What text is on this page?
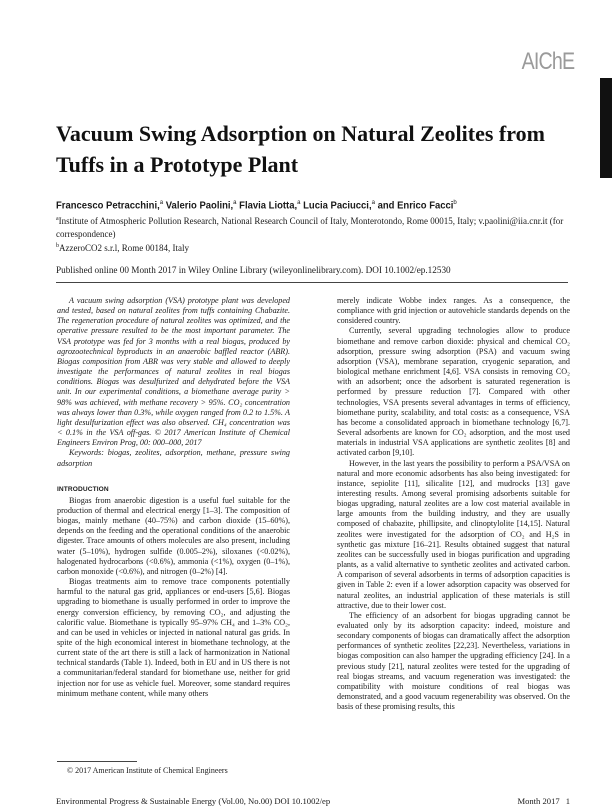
AIChE
Vacuum Swing Adsorption on Natural Zeolites from Tuffs in a Prototype Plant
Francesco Petracchini,$^a$ Valerio Paolini,$^a$ Flavia Liotta,$^a$ Lucia Paciucci,$^a$ and Enrico Facci$^b$
$^a$Institute of Atmospheric Pollution Research, National Research Council of Italy, Monterotondo, Rome 00015, Italy; v.paolini@iia.cnr.it (for correspondence)
$^b$AzzeroCO2 s.r.l, Rome 00184, Italy
Published online 00 Month 2017 in Wiley Online Library (wileyonlinelibrary.com). DOI 10.1002/ep.12530

A vacuum swing adsorption (VSA) prototype plant was developed and tested, based on natural zeolites from tuffs containing Chabazite. The regeneration procedure of natural zeolites was optimized, and the operative pressure resulted to be the most important parameter. The VSA prototype was fed for 3 months with a real biogas, produced by agrozootechnical byproducts in an anaerobic baffled reactor (ABR). Biogas composition from ABR was very stable and allowed to deeply investigate the performances of natural zeolites in real biogas conditions. Biogas was desulfurized and dehydrated before the VSA unit. In our experimental conditions, a biomethane average purity > 98% was achieved, with methane recovery > 95%. CO₂ concentration was always lower than 0.3%, while oxygen ranged from 0.2 to 1.5%. A light desulfurization effect was also observed. CH₄ concentration was < 0.1% in the VSA off-gas. © 2017 American Institute of Chemical Engineers Environ Prog, 00: 000–000, 2017

Keywords: biogas, zeolites, adsorption, methane, pressure swing adsorption

INTRODUCTION

Biogas from anaerobic digestion is a useful fuel suitable for the production of thermal and electrical energy [1–3]. The composition of biogas, mainly methane (40–75%) and carbon dioxide (15–60%), depends on the feeding and the operational conditions of the anaerobic digester. Trace amounts of others molecules are also present, including water (5–10%), hydrogen sulfide (0.005–2%), siloxanes (<0.02%), halogenated hydrocarbons (<0.6%), ammonia (<1%), oxygen (0–1%), carbon monoxide (<0.6%), and nitrogen (0–2%) [4].

Biogas treatments aim to remove trace components potentially harmful to the natural gas grid, appliances or end-users [5,6]. Biogas upgrading to biomethane is usually performed in order to improve the energy conversion efficiency, by removing CO₂, and adjusting the calorific value. Biomethane is typically 95–97% CH₄ and 1–3% CO₂, and can be used in vehicles or injected in national natural gas grids. In spite of the high economical interest in biomethane technology, at the current state of the art there is still a lack of harmonization in National technical standards (Table 1). Indeed, both in EU and in US there is not a communitarian/federal standard for biomethane use, neither for grid injection nor for use as vehicle fuel. Moreover, some standard requires minimum methane content, while many others

merely indicate Wobbe index ranges. As a consequence, the compliance with grid injection or autovehicle standards depends on the considered country.

Currently, several upgrading technologies allow to produce biomethane and remove carbon dioxide: physical and chemical CO₂ adsorption, pressure swing adsorption (PSA) and vacuum swing adsorption (VSA), membrane separation, cryogenic separation, and biological methane enrichment [4,6]. VSA consists in removing CO₂ with an adsorbent; once the adsorbent is saturated regeneration is performed by pressure reduction [7]. Compared with other technologies, VSA presents several advantages in terms of efficiency, biomethane purity, scalability, and total costs: as a consequence, VSA has become a consolidated approach in biomethane technology [6,7]. Several adsorbents are known for CO₂ adsorption, and the most used materials in industrial VSA applications are synthetic zeolites [8] and activated carbon [9,10].

However, in the last years the possibility to perform a PSA/VSA on natural and more economic adsorbents has also being investigated: for instance, sepiolite [11], silicalite [12], and mudrocks [13] gave interesting results. Among several promising adsorbents suitable for biogas upgrading, natural zeolites are a low cost material available in large amounts from the building industry, and they are usually composed of chabazite, phillipsite, and clinoptylolite [14,15]. Natural zeolites were investigated for the adsorption of CO₂ and H₂S in synthetic gas mixture [16–21]. Results obtained suggest that natural zeolites can be successfully used in biogas purification and upgrading plants, as a valid alternative to synthetic zeolites and activated carbon. A comparison of several adsorbents in terms of adsorption capacities is given in Table 2: even if a lower adsorption capacity was observed for natural zeolites, an industrial application of these materials is still attractive, due to their lower cost.

The efficiency of an adsorbent for biogas upgrading cannot be evaluated only by its adsorption capacity: indeed, moisture and secondary components of biogas can dramatically affect the adsorption performances of synthetic zeolites [22,23]. Nevertheless, variations in biogas composition can also hamper the upgrading efficiency [24]. In a previous study [21], natural zeolites were tested for the upgrading of real biogas streams, and vacuum regeneration was investigated: the compatibility with moisture conditions of real biogas was demonstrated, and a good vacuum regenerability was observed. On the basis of these promising results, this

© 2017 American Institute of Chemical Engineers
Environmental Progress & Sustainable Energy (Vol.00, No.00) DOI 10.1002/ep	Month 2017 1
